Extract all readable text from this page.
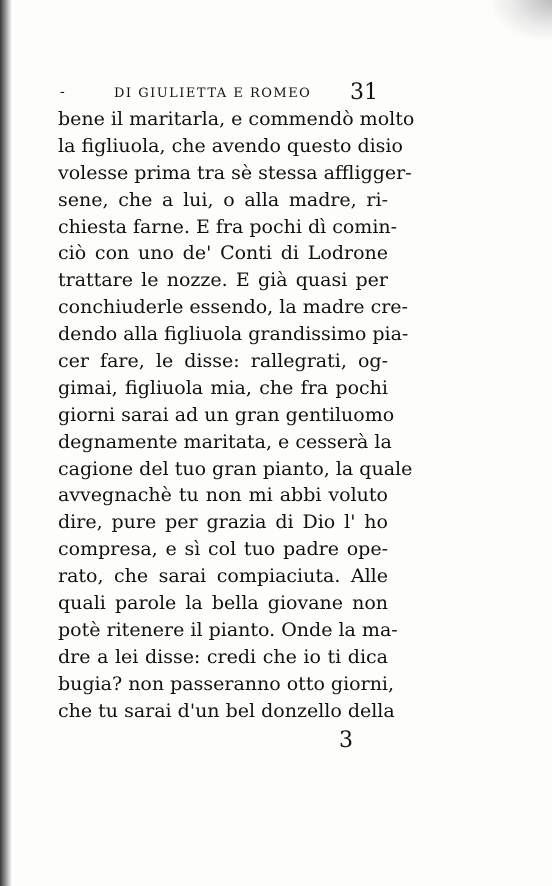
-	DI GIULIETTA E ROMEO 31
bene il maritarla, e commendò molto
la figliuola, che avendo questo disio
volesse prima tra sè stessa affligger-
sene, che a lui, o alla madre, ri-
chiesta farne. E fra pochi dì comin-
ciò con uno de' Conti di Lodrone
trattare le nozze. E già quasi per
conchiuderle essendo, la madre cre-
dendo alla figliuola grandissimo pia-
cer fare, le disse: rallegrati, og-
gimai, figliuola mia, che fra pochi
giorni sarai ad un gran gentiluomo
degnamente maritata, e cesserà la
cagione del tuo gran pianto, la quale
avvegnachè tu non mi abbi voluto
dire, pure per grazia di Dio l' ho
compresa, e sì col tuo padre ope-
rato, che sarai compiaciuta. Alle
quali parole la bella giovane non
potè ritenere il pianto. Onde la ma-
dre a lei disse: credi che io ti dica
bugia? non passeranno otto giorni,
che tu sarai d'un bel donzello della
3
